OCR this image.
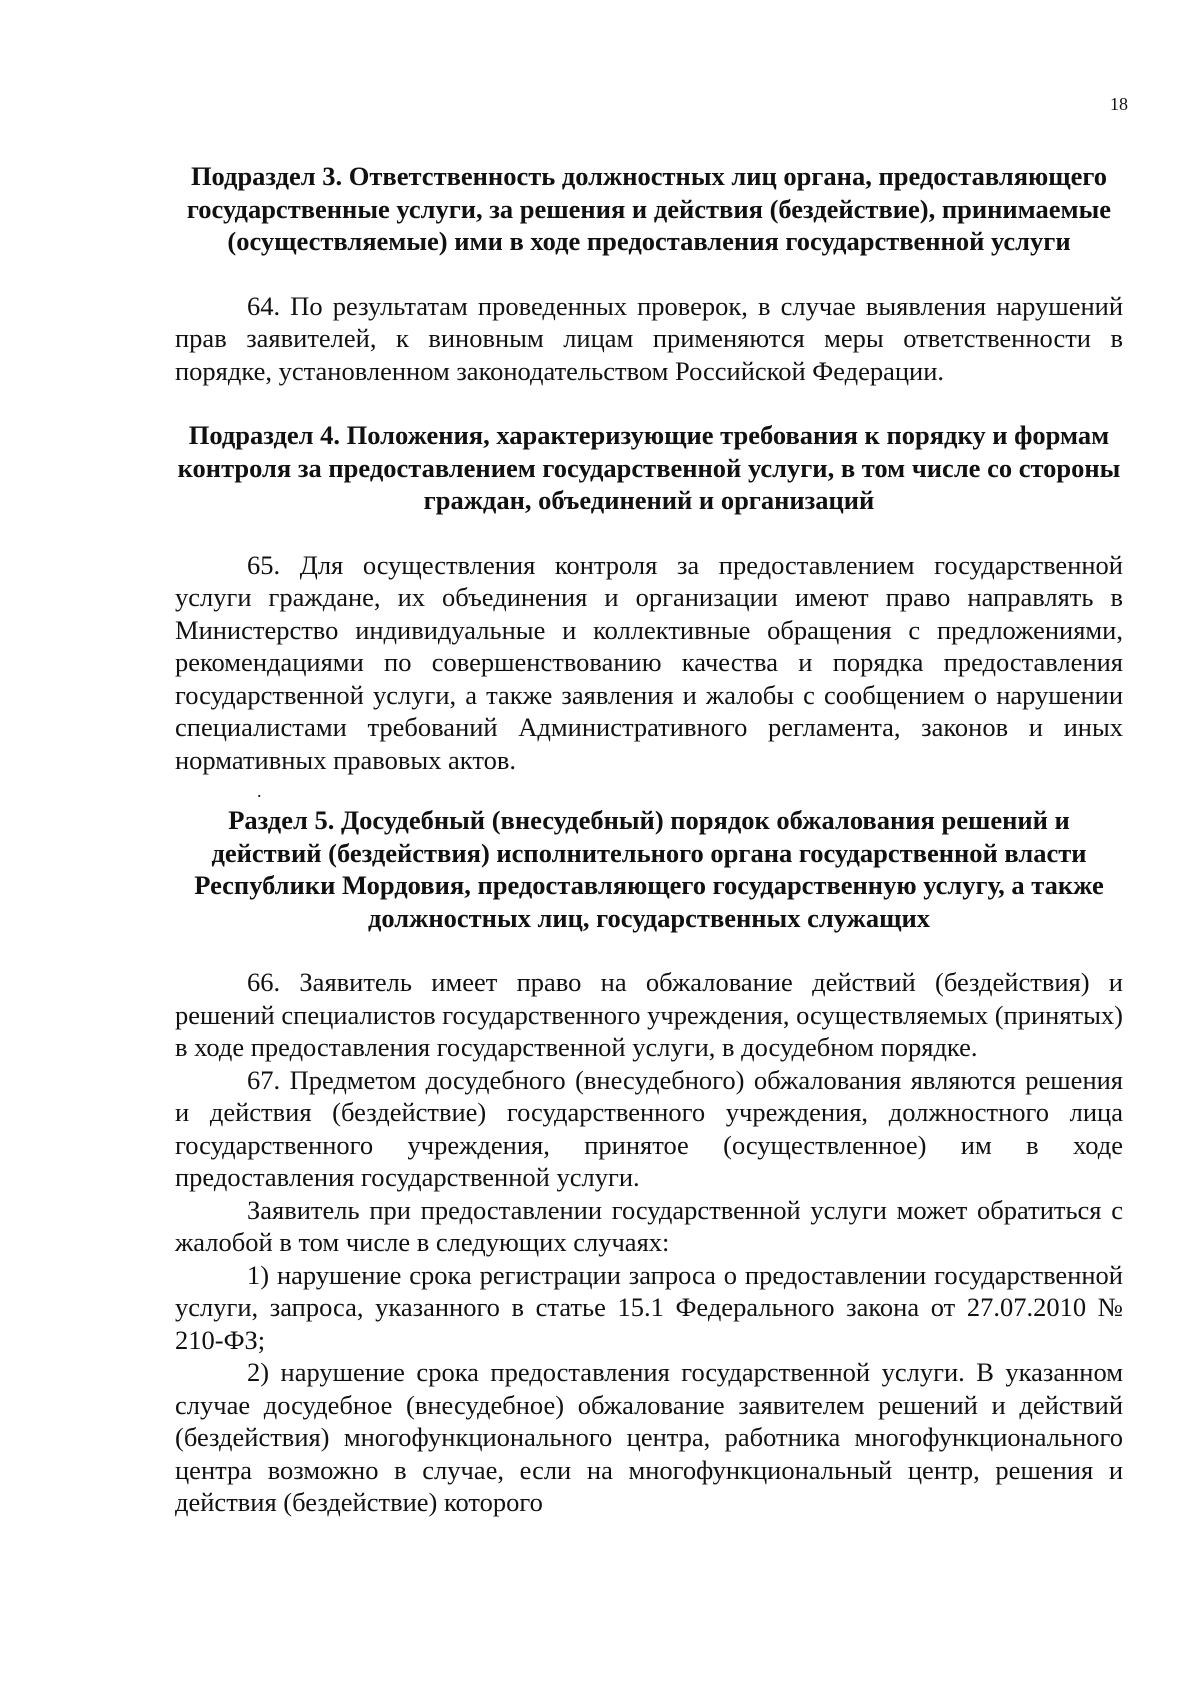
18

Подраздел 3. Ответственность должностных лиц органа, предоставляющего государственные услуги, за решения и действия (бездействие), принимаемые (осуществляемые) ими в ходе предоставления государственной услуги

64. По результатам проведенных проверок, в случае выявления нарушений прав заявителей, к виновным лицам применяются меры ответственности в порядке, установленном законодательством Российской Федерации.

Подраздел 4. Положения, характеризующие требования к порядку и формам контроля за предоставлением государственной услуги, в том числе со стороны граждан, объединений и организаций

65. Для осуществления контроля за предоставлением государственной услуги граждане, их объединения и организации имеют право направлять в Министерство индивидуальные и коллективные обращения с предложениями, рекомендациями по совершенствованию качества и порядка предоставления государственной услуги, а также заявления и жалобы с сообщением о нарушении специалистами требований Административного регламента, законов и иных нормативных правовых актов.

.

Раздел 5. Досудебный (внесудебный) порядок обжалования решений и действий (бездействия) исполнительного органа государственной власти Республики Мордовия, предоставляющего государственную услугу, а также должностных лиц, государственных служащих

66. Заявитель имеет право на обжалование действий (бездействия) и решений специалистов государственного учреждения, осуществляемых (принятых) в ходе предоставления государственной услуги, в досудебном порядке.

67. Предметом досудебного (внесудебного) обжалования являются решения и действия (бездействие) государственного учреждения, должностного лица государственного учреждения, принятое (осуществленное) им в ходе предоставления государственной услуги.

Заявитель при предоставлении государственной услуги может обратиться с жалобой в том числе в следующих случаях:

1) нарушение срока регистрации запроса о предоставлении государственной услуги, запроса, указанного в статье 15.1 Федерального закона от 27.07.2010 № 210-ФЗ;

2) нарушение срока предоставления государственной услуги. В указанном случае досудебное (внесудебное) обжалование заявителем решений и действий (бездействия) многофункционального центра, работника многофункционального центра возможно в случае, если на многофункциональный центр, решения и действия (бездействие) которого
